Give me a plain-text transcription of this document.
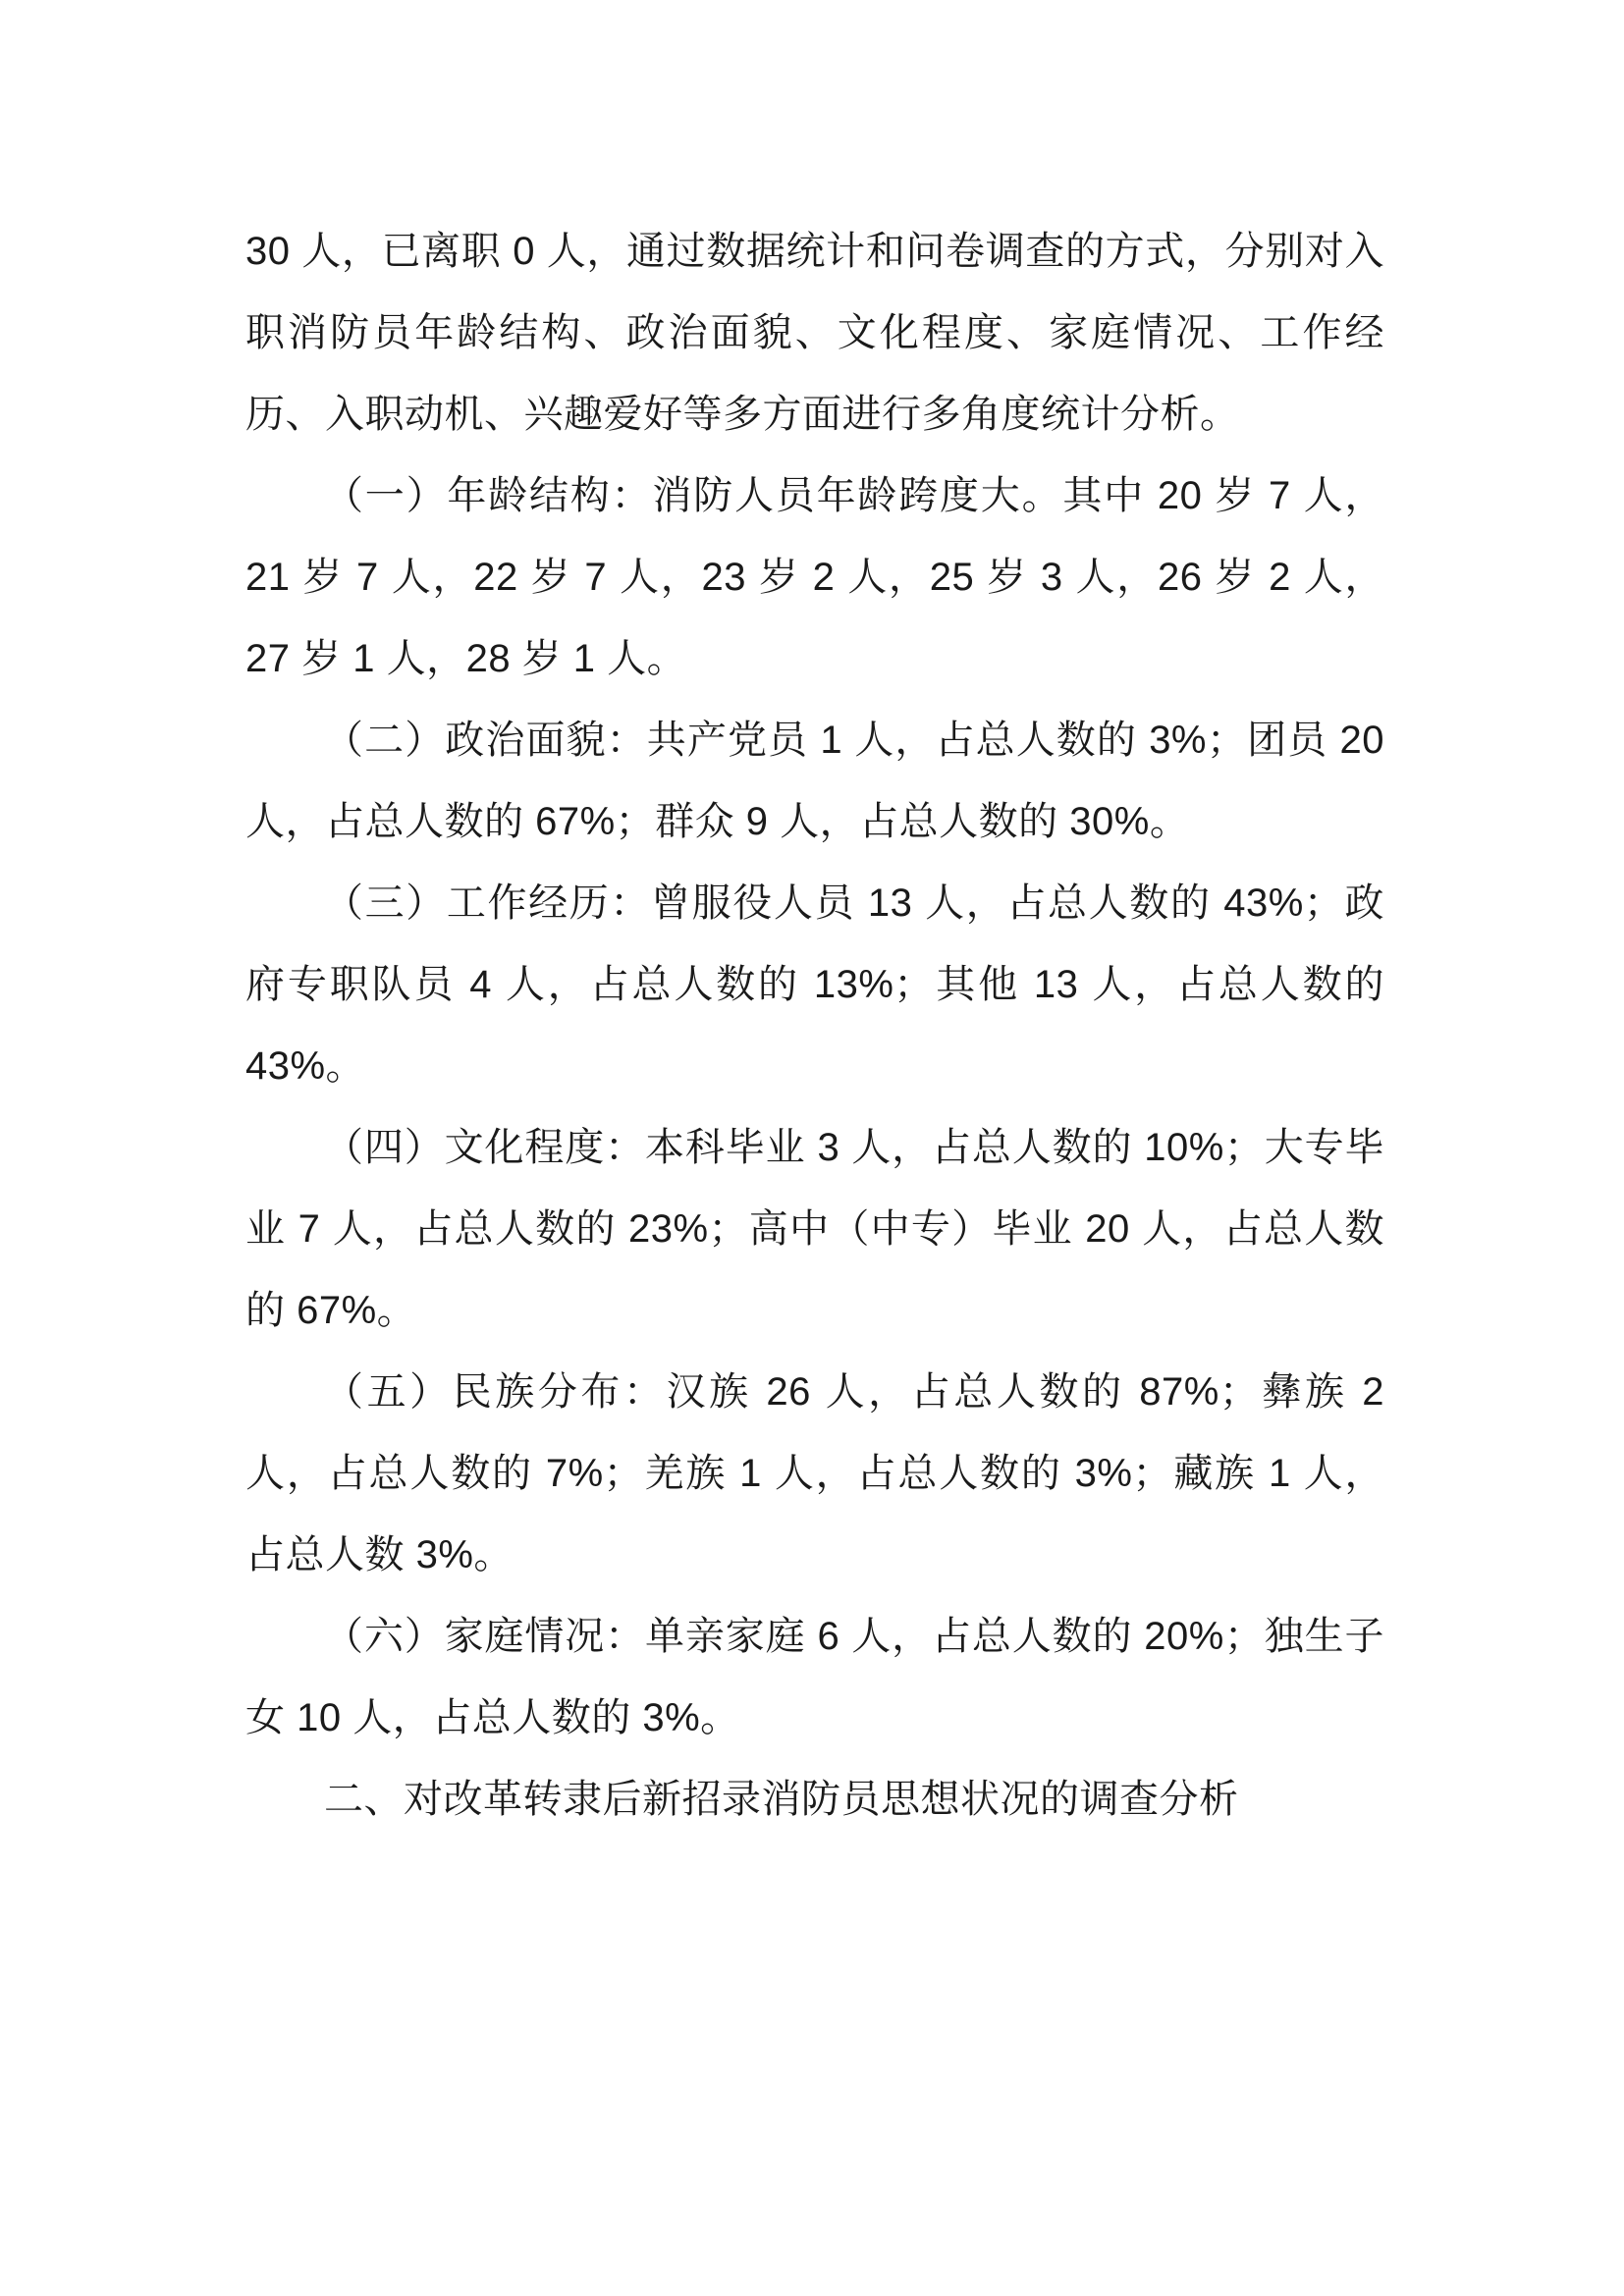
30 人，已离职 0 人，通过数据统计和问卷调查的方式，分别对入职消防员年龄结构、政治面貌、文化程度、家庭情况、工作经历、入职动机、兴趣爱好等多方面进行多角度统计分析。

（一）年龄结构：消防人员年龄跨度大。其中 20 岁 7 人，21 岁 7 人，22 岁 7 人，23 岁 2 人，25 岁 3 人，26 岁 2 人，27 岁 1 人，28 岁 1 人。

（二）政治面貌：共产党员 1 人，占总人数的 3%；团员 20 人，占总人数的 67%；群众 9 人，占总人数的 30%。

（三）工作经历：曾服役人员 13 人，占总人数的 43%；政府专职队员 4 人，占总人数的 13%；其他 13 人，占总人数的 43%。

（四）文化程度：本科毕业 3 人，占总人数的 10%；大专毕业 7 人，占总人数的 23%；高中（中专）毕业 20 人，占总人数的 67%。

（五）民族分布：汉族 26 人，占总人数的 87%；彝族 2 人，占总人数的 7%；羌族 1 人，占总人数的 3%；藏族 1 人，占总人数 3%。

（六）家庭情况：单亲家庭 6 人，占总人数的 20%；独生子女 10 人，占总人数的 3%。

二、对改革转隶后新招录消防员思想状况的调查分析
